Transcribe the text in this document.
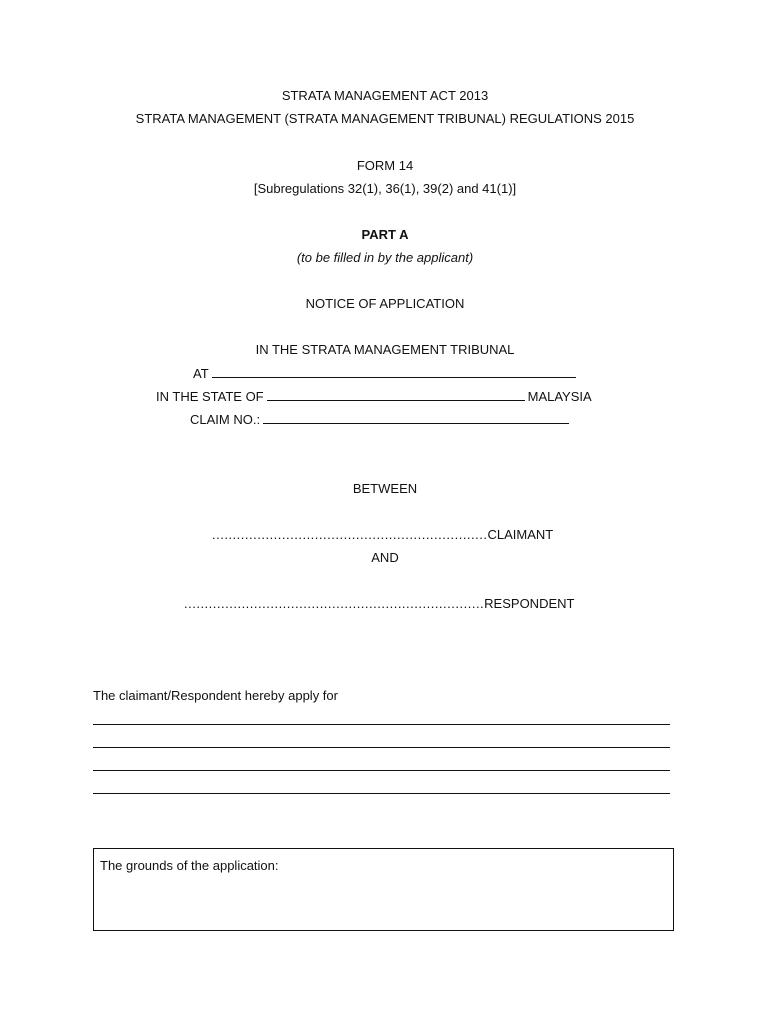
STRATA MANAGEMENT ACT 2013
STRATA MANAGEMENT (STRATA MANAGEMENT TRIBUNAL) REGULATIONS 2015
FORM 14
[Subregulations 32(1), 36(1), 39(2) and 41(1)]
PART A
(to be filled in by the applicant)
NOTICE OF APPLICATION
IN THE STRATA MANAGEMENT TRIBUNAL
AT
IN THE STATE OF	MALAYSIA
CLAIM NO.:
BETWEEN
...................................................................CLAIMANT
AND
.........................................................................RESPONDENT
The claimant/Respondent hereby apply for
The grounds of the application:
